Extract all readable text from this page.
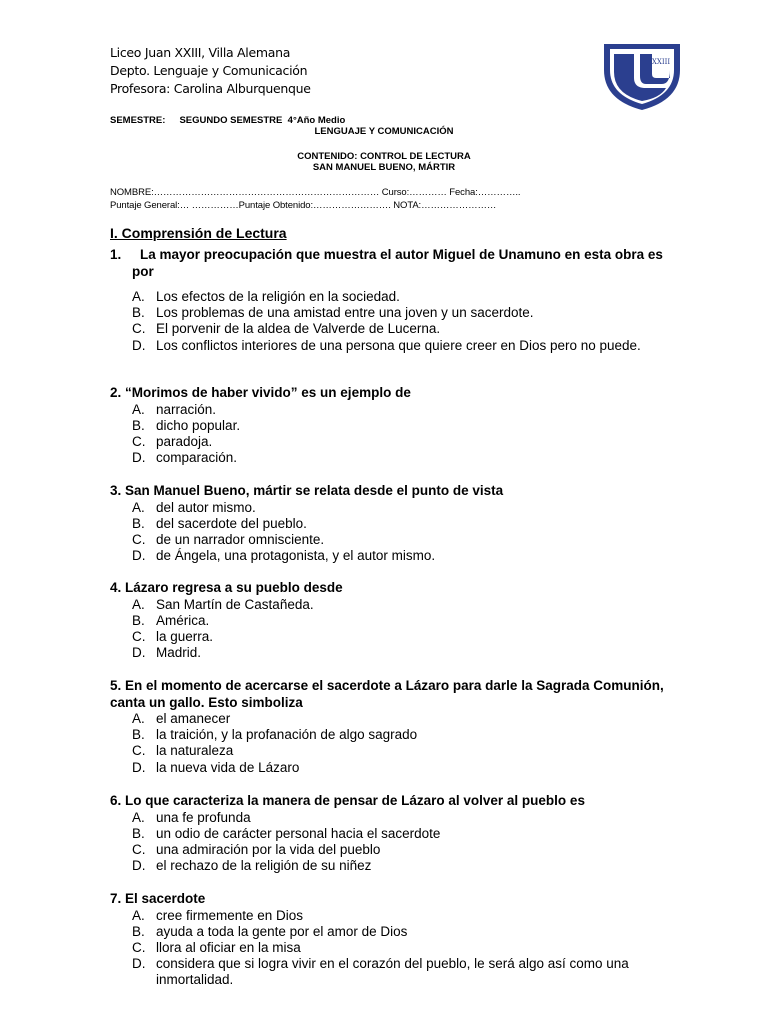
Liceo Juan XXIII, Villa Alemana
Depto. Lenguaje y Comunicación
Profesora: Carolina Alburquenque
XXIII
SEMESTRE: SEGUNDO SEMESTRE 4°Año Medio
LENGUAJE Y COMUNICACIÓN
CONTENIDO: CONTROL DE LECTURA
SAN MANUEL BUENO, MÁRTIR
NOMBRE:……………………………………………………………… Curso:………… Fecha:…………..
Puntaje General:… ……………Puntaje Obtenido:……………………. NOTA:……………………
I. Comprensión de Lectura
1.     La mayor preocupación que muestra el autor Miguel de Unamuno en esta obra es por
A. Los efectos de la religión en la sociedad.
B. Los problemas de una amistad entre una joven y un sacerdote.
C. El porvenir de la aldea de Valverde de Lucerna.
D. Los conflictos interiores de una persona que quiere creer en Dios pero no puede.
2. “Morimos de haber vivido” es un ejemplo de
A. narración.
B. dicho popular.
C. paradoja.
D. comparación.
3. San Manuel Bueno, mártir se relata desde el punto de vista
A. del autor mismo.
B. del sacerdote del pueblo.
C. de un narrador omnisciente.
D. de Ángela, una protagonista, y el autor mismo.
4. Lázaro regresa a su pueblo desde
A. San Martín de Castañeda.
B. América.
C. la guerra.
D. Madrid.
5. En el momento de acercarse el sacerdote a Lázaro para darle la Sagrada Comunión, canta un gallo. Esto simboliza
A. el amanecer
B. la traición, y la profanación de algo sagrado
C. la naturaleza
D. la nueva vida de Lázaro
6. Lo que caracteriza la manera de pensar de Lázaro al volver al pueblo es
A. una fe profunda
B. un odio de carácter personal hacia el sacerdote
C. una admiración por la vida del pueblo
D. el rechazo de la religión de su niñez
7. El sacerdote
A. cree firmemente en Dios
B. ayuda a toda la gente por el amor de Dios
C. llora al oficiar en la misa
D. considera que si logra vivir en el corazón del pueblo, le será algo así como una inmortalidad.
